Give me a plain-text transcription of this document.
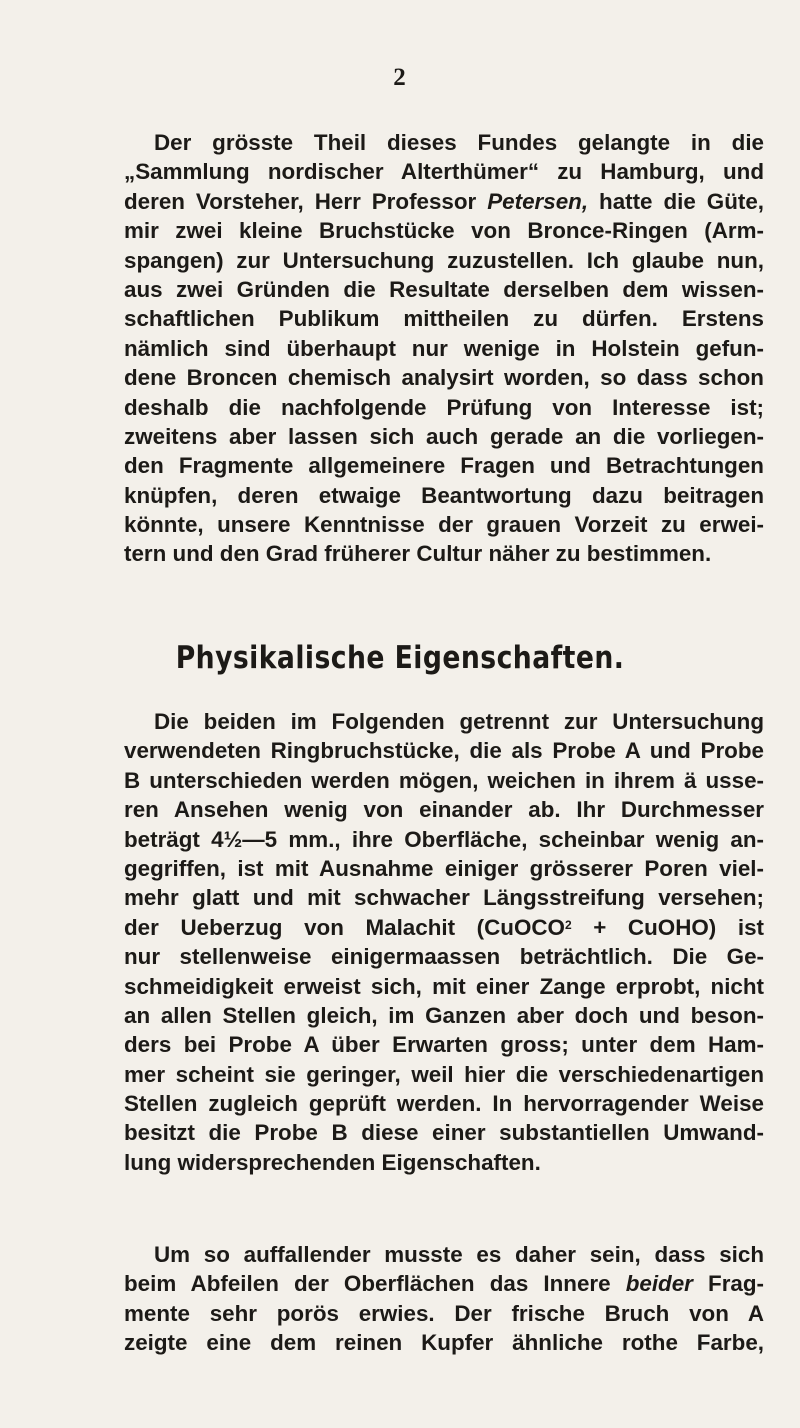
2
Der grösste Theil dieses Fundes gelangte in die
„Sammlung nordischer Alterthümer“ zu Hamburg, und
deren Vorsteher, Herr Professor Petersen, hatte die Güte,
mir zwei kleine Bruchstücke von Bronce-Ringen (Arm-
spangen) zur Untersuchung zuzustellen. Ich glaube nun,
aus zwei Gründen die Resultate derselben dem wissen-
schaftlichen Publikum mittheilen zu dürfen. Erstens
nämlich sind überhaupt nur wenige in Holstein gefun-
dene Broncen chemisch analysirt worden, so dass schon
deshalb die nachfolgende Prüfung von Interesse ist;
zweitens aber lassen sich auch gerade an die vorliegen-
den Fragmente allgemeinere Fragen und Betrachtungen
knüpfen, deren etwaige Beantwortung dazu beitragen
könnte, unsere Kenntnisse der grauen Vorzeit zu erwei-
tern und den Grad früherer Cultur näher zu bestimmen.
Physikalische Eigenschaften.
Die beiden im Folgenden getrennt zur Untersuchung
verwendeten Ringbruchstücke, die als Probe A und Probe
B unterschieden werden mögen, weichen in ihrem ä usse-
ren Ansehen wenig von einander ab. Ihr Durchmesser
beträgt 4½—5 mm., ihre Oberfläche, scheinbar wenig an-
gegriffen, ist mit Ausnahme einiger grösserer Poren viel-
mehr glatt und mit schwacher Längsstreifung versehen;
der Ueberzug von Malachit (CuOCO$^2$ + CuOHO) ist
nur stellenweise einigermaassen beträchtlich. Die Ge-
schmeidigkeit erweist sich, mit einer Zange erprobt, nicht
an allen Stellen gleich, im Ganzen aber doch und beson-
ders bei Probe A über Erwarten gross; unter dem Ham-
mer scheint sie geringer, weil hier die verschiedenartigen
Stellen zugleich geprüft werden. In hervorragender Weise
besitzt die Probe B diese einer substantiellen Umwand-
lung widersprechenden Eigenschaften.
Um so auffallender musste es daher sein, dass sich
beim Abfeilen der Oberflächen das Innere beider Frag-
mente sehr porös erwies. Der frische Bruch von A
zeigte eine dem reinen Kupfer ähnliche rothe Farbe,
